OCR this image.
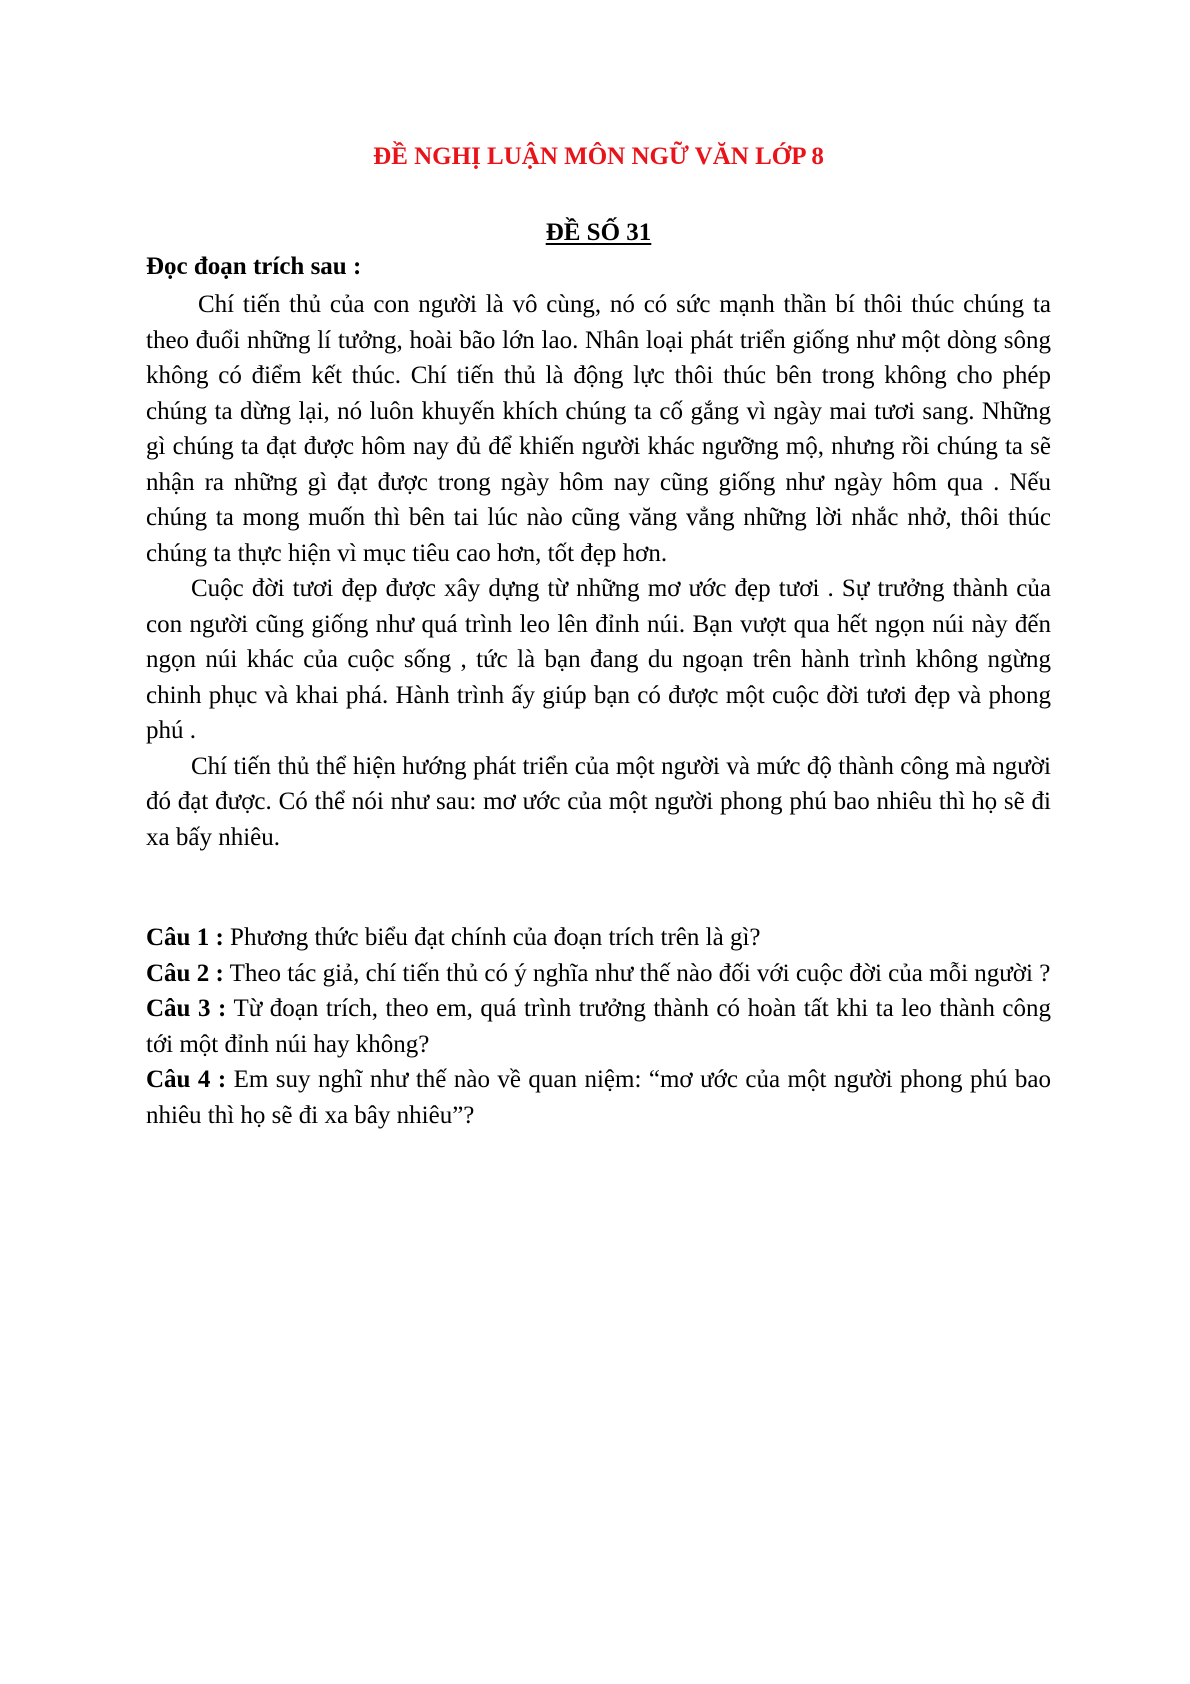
ĐỀ NGHỊ LUẬN MÔN NGỮ VĂN LỚP 8
ĐỀ SỐ 31
Đọc đoạn trích sau :

Chí tiến thủ của con người là vô cùng, nó có sức mạnh thần bí thôi thúc chúng ta theo đuổi những lí tưởng, hoài bão lớn lao. Nhân loại phát triển giống như một dòng sông không có điểm kết thúc. Chí tiến thủ là động lực thôi thúc bên trong không cho phép chúng ta dừng lại, nó luôn khuyến khích chúng ta cố gắng vì ngày mai tươi sang. Những gì chúng ta đạt được hôm nay đủ để khiến người khác ngưỡng mộ, nhưng rồi chúng ta sẽ nhận ra những gì đạt được trong ngày hôm nay cũng giống như ngày hôm qua . Nếu chúng ta mong muốn thì bên tai lúc nào cũng văng vẳng những lời nhắc nhở, thôi thúc chúng ta thực hiện vì mục tiêu cao hơn, tốt đẹp hơn.

Cuộc đời tươi đẹp được xây dựng từ những mơ ước đẹp tươi . Sự trưởng thành của con người cũng giống như quá trình leo lên đỉnh núi. Bạn vượt qua hết ngọn núi này đến ngọn núi khác của cuộc sống , tức là bạn đang du ngoạn trên hành trình không ngừng chinh phục và khai phá. Hành trình ấy giúp bạn có được một cuộc đời tươi đẹp và phong phú .

Chí tiến thủ thể hiện hướng phát triển của một người và mức độ thành công mà người đó đạt được. Có thể nói như sau: mơ ước của một người phong phú bao nhiêu thì họ sẽ đi xa bấy nhiêu.

Câu 1 : Phương thức biểu đạt chính của đoạn trích trên là gì?

Câu 2 : Theo tác giả, chí tiến thủ có ý nghĩa như thế nào đối với cuộc đời của mỗi người ?

Câu 3 : Từ đoạn trích, theo em, quá trình trưởng thành có hoàn tất khi ta leo thành công tới một đỉnh núi hay không?

Câu 4 : Em suy nghĩ như thế nào về quan niệm: “mơ ước của một người phong phú bao nhiêu thì họ sẽ đi xa bây nhiêu”?
